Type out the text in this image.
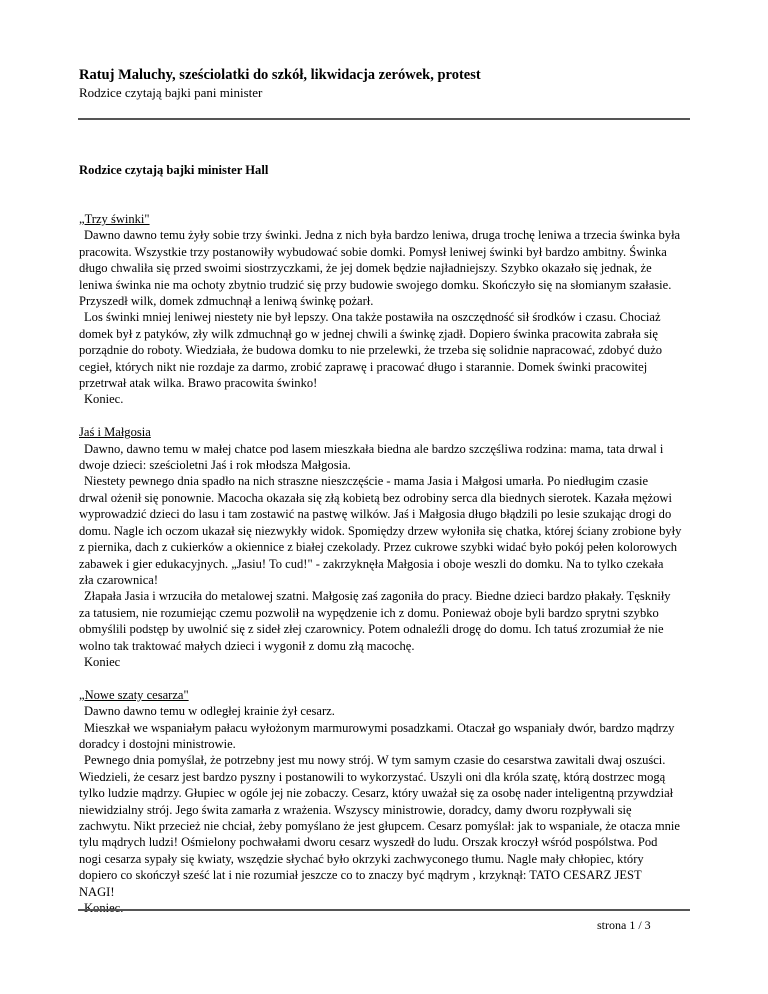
Ratuj Maluchy, sześciolatki do szkół, likwidacja zerówek, protest

Rodzice czytają bajki pani minister

Rodzice czytają bajki minister Hall
„Trzy świnki"
Dawno dawno temu żyły sobie trzy świnki. Jedna z nich była bardzo leniwa, druga trochę leniwa a trzecia świnka była
pracowita. Wszystkie trzy postanowiły wybudować sobie domki. Pomysł leniwej świnki był bardzo ambitny. Świnka
długo chwaliła się przed swoimi siostrzyczkami, że jej domek będzie najładniejszy. Szybko okazało się jednak, że
leniwa świnka nie ma ochoty zbytnio trudzić się przy budowie swojego domku. Skończyło się na słomianym szałasie.
Przyszedł wilk, domek zdmuchnął a leniwą świnkę pożarł.
Los świnki mniej leniwej niestety nie był lepszy. Ona także postawiła na oszczędność sił środków i czasu. Chociaż
domek był z patyków, zły wilk zdmuchnął go w jednej chwili a świnkę zjadł. Dopiero świnka pracowita zabrała się
porządnie do roboty. Wiedziała, że budowa domku to nie przelewki, że trzeba się solidnie napracować, zdobyć dużo
cegieł, których nikt nie rozdaje za darmo, zrobić zaprawę i pracować długo i starannie. Domek świnki pracowitej
przetrwał atak wilka. Brawo pracowita świnko!
Koniec.
Jaś i Małgosia
Dawno, dawno temu w małej chatce pod lasem mieszkała biedna ale bardzo szczęśliwa rodzina: mama, tata drwal i
dwoje dzieci: sześcioletni Jaś i rok młodsza Małgosia.
Niestety pewnego dnia spadło na nich straszne nieszczęście - mama Jasia i Małgosi umarła. Po niedługim czasie
drwal ożenił się ponownie. Macocha okazała się złą kobietą bez odrobiny serca dla biednych sierotek. Kazała mężowi
wyprowadzić dzieci do lasu i tam zostawić na pastwę wilków. Jaś i Małgosia długo błądzili po lesie szukając drogi do
domu. Nagle ich oczom ukazał się niezwykły widok. Spomiędzy drzew wyłoniła się chatka, której ściany zrobione były
z piernika, dach z cukierków a okiennice z białej czekolady. Przez cukrowe szybki widać było pokój pełen kolorowych
zabawek i gier edukacyjnych. „Jasiu! To cud!" - zakrzyknęła Małgosia i oboje weszli do domku. Na to tylko czekała
zła czarownica!
Złapała Jasia i wrzuciła do metalowej szatni. Małgosię zaś zagoniła do pracy. Biedne dzieci bardzo płakały. Tęskniły
za tatusiem, nie rozumiejąc czemu pozwolił na wypędzenie ich z domu. Ponieważ oboje byli bardzo sprytni szybko
obmyślili podstęp by uwolnić się z sideł złej czarownicy. Potem odnaleźli drogę do domu. Ich tatuś zrozumiał że nie
wolno tak traktować małych dzieci i wygonił z domu złą macochę.
Koniec
„Nowe szaty cesarza"
Dawno dawno temu w odległej krainie żył cesarz.
Mieszkał we wspaniałym pałacu wyłożonym marmurowymi posadzkami. Otaczał go wspaniały dwór, bardzo mądrzy
doradcy i dostojni ministrowie.
Pewnego dnia pomyślał, że potrzebny jest mu nowy strój. W tym samym czasie do cesarstwa zawitali dwaj oszuści.
Wiedzieli, że cesarz jest bardzo pyszny i postanowili to wykorzystać. Uszyli oni dla króla szatę, którą dostrzec mogą
tylko ludzie mądrzy. Głupiec w ogóle jej nie zobaczy. Cesarz, który uważał się za osobę nader inteligentną przywdział
niewidzialny strój. Jego świta zamarła z wrażenia. Wszyscy ministrowie, doradcy, damy dworu rozpływali się
zachwytu. Nikt przecież nie chciał, żeby pomyślano że jest głupcem. Cesarz pomyślał: jak to wspaniale, że otacza mnie
tylu mądrych ludzi! Ośmielony pochwałami dworu cesarz wyszedł do ludu. Orszak kroczył wśród pospólstwa. Pod
nogi cesarza sypały się kwiaty, wszędzie słychać było okrzyki zachwyconego tłumu. Nagle mały chłopiec, który
dopiero co skończył sześć lat i nie rozumiał jeszcze co to znaczy być mądrym , krzyknął: TATO CESARZ JEST
NAGI!
Koniec.
strona 1 / 3
